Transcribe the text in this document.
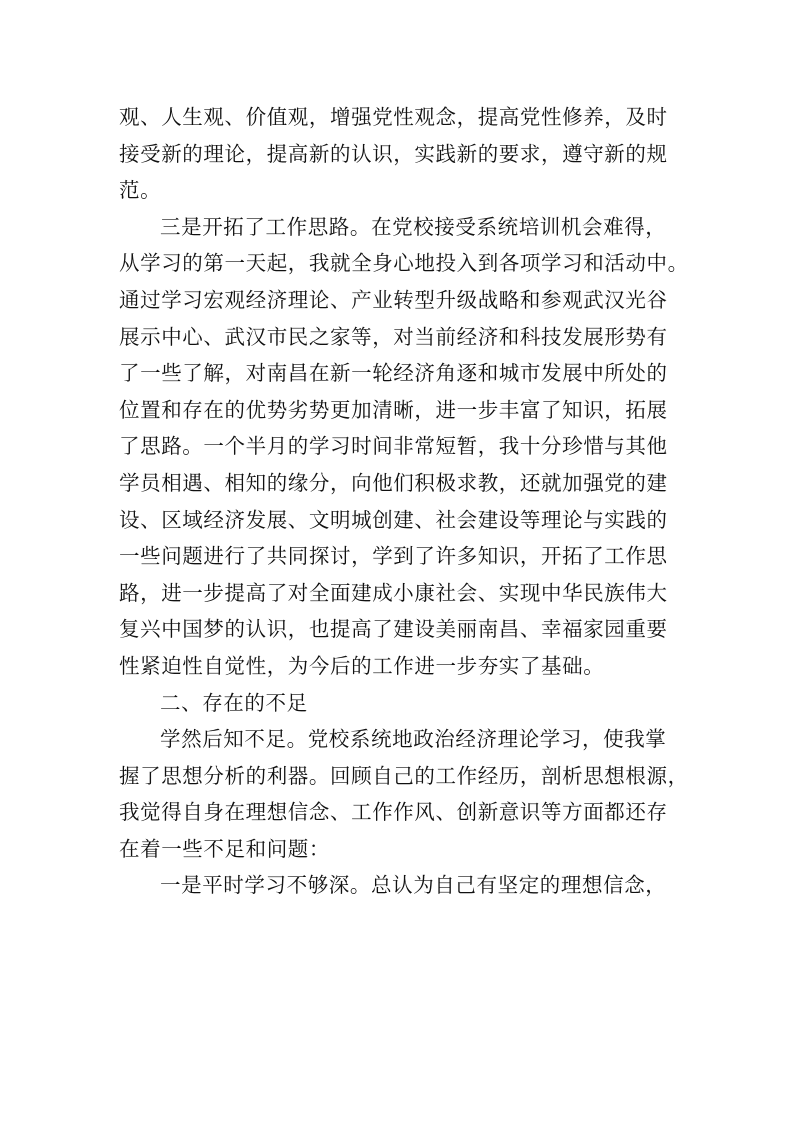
观、人生观、价值观，增强党性观念，提高党性修养，及时
接受新的理论，提高新的认识，实践新的要求，遵守新的规
范。
三是开拓了工作思路。在党校接受系统培训机会难得，
从学习的第一天起，我就全身心地投入到各项学习和活动中。
通过学习宏观经济理论、产业转型升级战略和参观武汉光谷
展示中心、武汉市民之家等，对当前经济和科技发展形势有
了一些了解，对南昌在新一轮经济角逐和城市发展中所处的
位置和存在的优势劣势更加清晰，进一步丰富了知识，拓展
了思路。一个半月的学习时间非常短暂，我十分珍惜与其他
学员相遇、相知的缘分，向他们积极求教，还就加强党的建
设、区域经济发展、文明城创建、社会建设等理论与实践的
一些问题进行了共同探讨，学到了许多知识，开拓了工作思
路，进一步提高了对全面建成小康社会、实现中华民族伟大
复兴中国梦的认识，也提高了建设美丽南昌、幸福家园重要
性紧迫性自觉性，为今后的工作进一步夯实了基础。
二、存在的不足
学然后知不足。党校系统地政治经济理论学习，使我掌
握了思想分析的利器。回顾自己的工作经历，剖析思想根源，
我觉得自身在理想信念、工作作风、创新意识等方面都还存
在着一些不足和问题：
一是平时学习不够深。总认为自己有坚定的理想信念，
